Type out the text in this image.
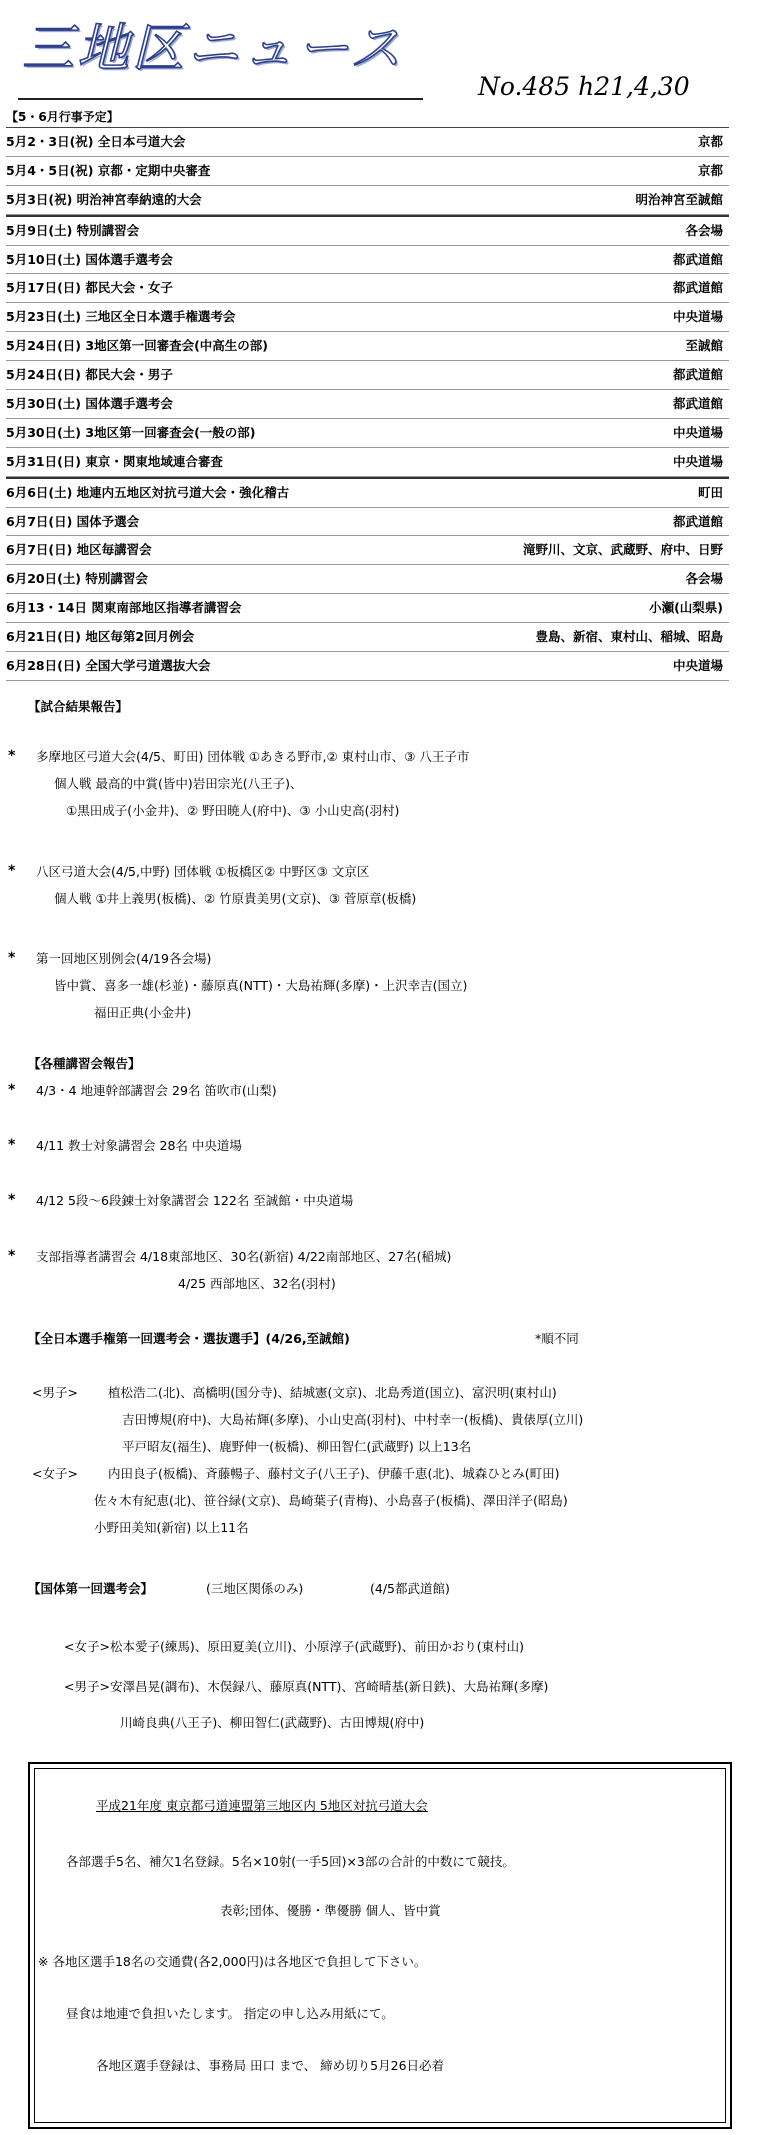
三地区ニュース
No.485 h21,4,30
【5・6月行事予定】
5月2・3日(祝) 全日本弓道大会	京都
5月4・5日(祝) 京都・定期中央審査	京都
5月3日(祝) 明治神宮奉納遠的大会	明治神宮至誠館
5月9日(土) 特別講習会	各会場
5月10日(土) 国体選手選考会	都武道館
5月17日(日) 都民大会・女子	都武道館
5月23日(土) 三地区全日本選手権選考会	中央道場
5月24日(日) 3地区第一回審査会(中高生の部)	至誠館
5月24日(日) 都民大会・男子	都武道館
5月30日(土) 国体選手選考会	都武道館
5月30日(土) 3地区第一回審査会(一般の部)	中央道場
5月31日(日) 東京・関東地域連合審査	中央道場
6月6日(土) 地連内五地区対抗弓道大会・強化稽古	町田
6月7日(日) 国体予選会	都武道館
6月7日(日) 地区毎講習会	滝野川、文京、武蔵野、府中、日野
6月20日(土) 特別講習会	各会場
6月13・14日 関東南部地区指導者講習会	小瀬(山梨県)
6月21日(日) 地区毎第2回月例会	豊島、新宿、東村山、稲城、昭島
6月28日(日) 全国大学弓道選抜大会	中央道場
【試合結果報告】
* 多摩地区弓道大会(4/5、町田) 団体戦 ①あきる野市,② 東村山市、③ 八王子市
個人戦 最高的中賞(皆中)岩田宗光(八王子)、
①黒田成子(小金井)、② 野田暁人(府中)、③ 小山史高(羽村)
* 八区弓道大会(4/5,中野) 団体戦 ①板橋区② 中野区③ 文京区
個人戦 ①井上義男(板橋)、② 竹原貴美男(文京)、③ 菅原章(板橋)
* 第一回地区別例会(4/19各会場)
皆中賞、喜多一雄(杉並)・藤原真(NTT)・大島祐輝(多摩)・上沢幸吉(国立)
福田正典(小金井)
【各種講習会報告】
* 4/3・4 地連幹部講習会 29名 笛吹市(山梨)
* 4/11 教士対象講習会 28名 中央道場
* 4/12 5段～6段錬士対象講習会 122名 至誠館・中央道場
* 支部指導者講習会 4/18東部地区、30名(新宿) 4/22南部地区、27名(稲城)
4/25 西部地区、32名(羽村)
【全日本選手権第一回選考会・選抜選手】(4/26,至誠館)	*順不同
<男子> 植松浩二(北)、高橋明(国分寺)、結城憲(文京)、北島秀道(国立)、富沢明(東村山)
吉田博規(府中)、大島祐輝(多摩)、小山史高(羽村)、中村幸一(板橋)、貴俵厚(立川)
平戸昭友(福生)、鹿野伸一(板橋)、柳田智仁(武蔵野) 以上13名
<女子> 内田良子(板橋)、斉藤暢子、藤村文子(八王子)、伊藤千恵(北)、城森ひとみ(町田)
佐々木有紀恵(北)、笹谷緑(文京)、島崎葉子(青梅)、小島喜子(板橋)、澤田洋子(昭島)
小野田美知(新宿) 以上11名
【国体第一回選考会】	(三地区関係のみ)	(4/5都武道館)
<女子>松本愛子(練馬)、原田夏美(立川)、小原淳子(武蔵野)、前田かおり(東村山)
<男子>安澤昌晃(調布)、木俣録八、藤原真(NTT)、宮崎晴基(新日鉄)、大島祐輝(多摩)
川崎良典(八王子)、柳田智仁(武蔵野)、古田博規(府中)
平成21年度 東京都弓道連盟第三地区内 5地区対抗弓道大会
各部選手5名、補欠1名登録。5名×10射(一手5回)×3部の合計的中数にて競技。
表彰;団体、優勝・準優勝 個人、皆中賞
※ 各地区選手18名の交通費(各2,000円)は各地区で負担して下さい。
昼食は地連で負担いたします。 指定の申し込み用紙にて。
各地区選手登録は、事務局 田口 まで、 締め切り5月26日必着
